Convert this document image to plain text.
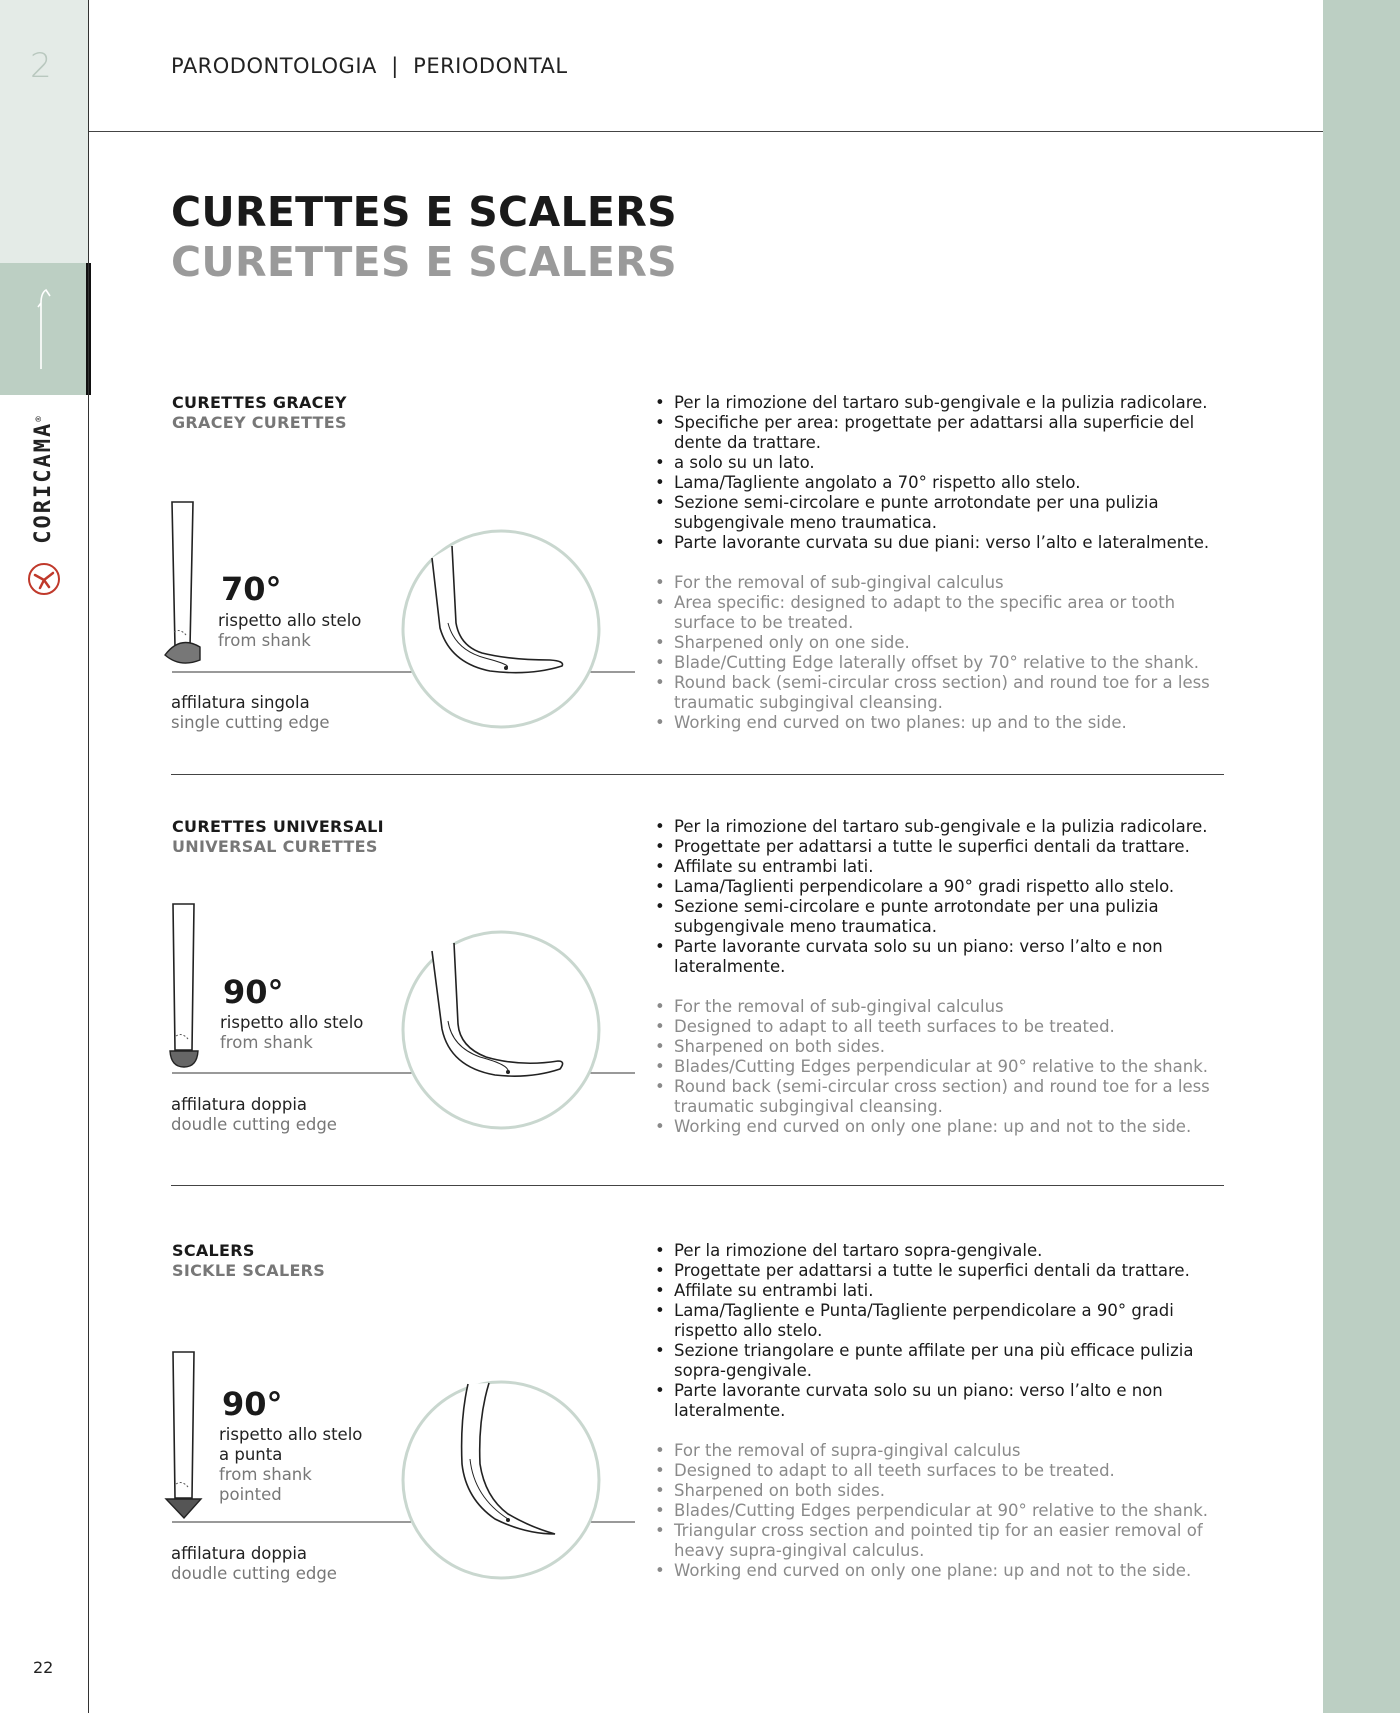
2
22
CORICAMA®
PARODONTOLOGIA  |  PERIODONTAL
CURETTES E SCALERS
CURETTES E SCALERS
CURETTES GRACEY
GRACEY CURETTES
70°
rispetto allo stelo
from shank
affilatura singola
single cutting edge
• Per la rimozione del tartaro sub-gengivale e la pulizia radicolare.
• Specifiche per area: progettate per adattarsi alla superficie del dente da trattare.
• a solo su un lato.
• Lama/Tagliente angolato a 70° rispetto allo stelo.
• Sezione semi-circolare e punte arrotondate per una pulizia subgengivale meno traumatica.
• Parte lavorante curvata su due piani: verso l’alto e lateralmente.
• For the removal of sub-gingival calculus
• Area specific: designed to adapt to the specific area or tooth surface to be treated.
• Sharpened only on one side.
• Blade/Cutting Edge laterally offset by 70° relative to the shank.
• Round back (semi-circular cross section) and round toe for a less traumatic subgingival cleansing.
• Working end curved on two planes: up and to the side.
CURETTES UNIVERSALI
UNIVERSAL CURETTES
90°
rispetto allo stelo
from shank
affilatura doppia
doudle cutting edge
• Per la rimozione del tartaro sub-gengivale e la pulizia radicolare.
• Progettate per adattarsi a tutte le superfici dentali da trattare.
• Affilate su entrambi lati.
• Lama/Taglienti perpendicolare a 90° gradi rispetto allo stelo.
• Sezione semi-circolare e punte arrotondate per una pulizia subgengivale meno traumatica.
• Parte lavorante curvata solo su un piano: verso l’alto e non lateralmente.
• For the removal of sub-gingival calculus
• Designed to adapt to all teeth surfaces to be treated.
• Sharpened on both sides.
• Blades/Cutting Edges perpendicular at 90° relative to the shank.
• Round back (semi-circular cross section) and round toe for a less traumatic subgingival cleansing.
• Working end curved on only one plane: up and not to the side.
SCALERS
SICKLE SCALERS
90°
rispetto allo stelo
a punta
from shank
pointed
affilatura doppia
doudle cutting edge
• Per la rimozione del tartaro sopra-gengivale.
• Progettate per adattarsi a tutte le superfici dentali da trattare.
• Affilate su entrambi lati.
• Lama/Tagliente e Punta/Tagliente perpendicolare a 90° gradi rispetto allo stelo.
• Sezione triangolare e punte affilate per una più efficace pulizia sopra-gengivale.
• Parte lavorante curvata solo su un piano: verso l’alto e non lateralmente.
• For the removal of supra-gingival calculus
• Designed to adapt to all teeth surfaces to be treated.
• Sharpened on both sides.
• Blades/Cutting Edges perpendicular at 90° relative to the shank.
• Triangular cross section and pointed tip for an easier removal of heavy supra-gingival calculus.
• Working end curved on only one plane: up and not to the side.
